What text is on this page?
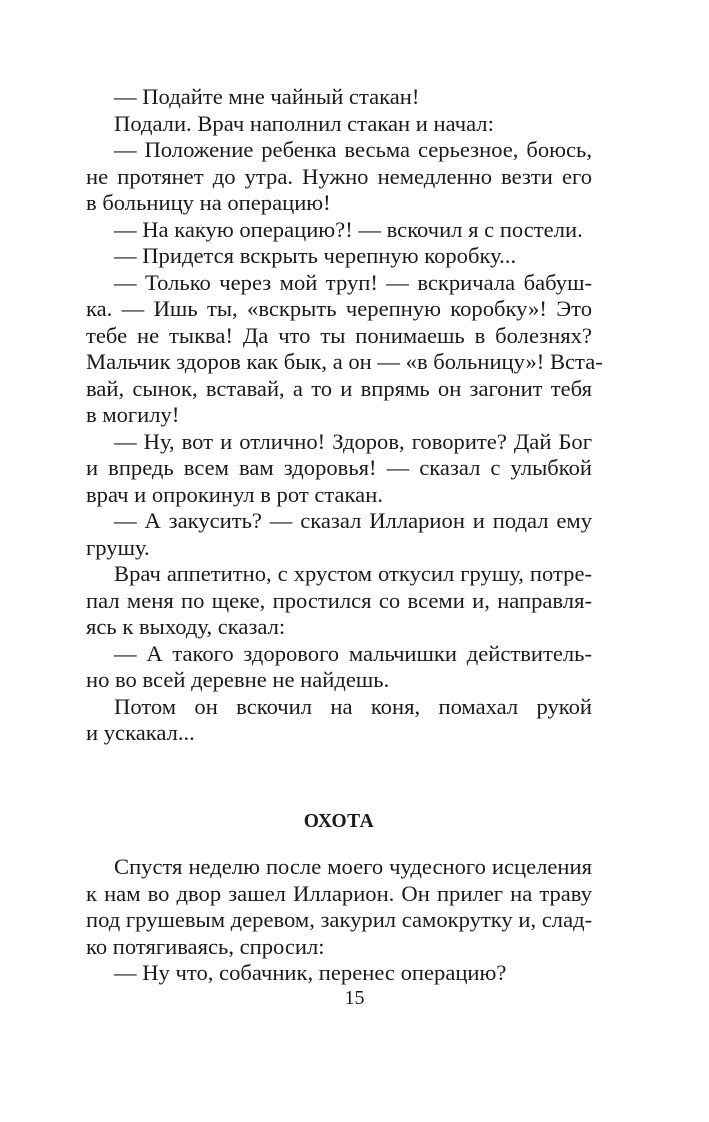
— Подайте мне чайный стакан!
Подали. Врач наполнил стакан и начал:
— Положение ребенка весьма серьезное, боюсь,
не протянет до утра. Нужно немедленно везти его
в больницу на операцию!
— На какую операцию?! — вскочил я с постели.
— Придется вскрыть черепную коробку...
— Только через мой труп! — вскричала бабуш-
ка. — Ишь ты, «вскрыть черепную коробку»! Это
тебе не тыква! Да что ты понимаешь в болезнях?
Мальчик здоров как бык, а он — «в больницу»! Вста-
вай, сынок, вставай, а то и впрямь он загонит тебя
в могилу!
— Ну, вот и отлично! Здоров, говорите? Дай Бог
и впредь всем вам здоровья! — сказал с улыбкой
врач и опрокинул в рот стакан.
— А закусить? — сказал Илларион и подал ему
грушу.
Врач аппетитно, с хрустом откусил грушу, потре-
пал меня по щеке, простился со всеми и, направля-
ясь к выходу, сказал:
— А такого здорового мальчишки действитель-
но во всей деревне не найдешь.
Потом он вскочил на коня, помахал рукой
и ускакал...
ОХОТА
Спустя неделю после моего чудесного исцеления
к нам во двор зашел Илларион. Он прилег на траву
под грушевым деревом, закурил самокрутку и, слад-
ко потягиваясь, спросил:
— Ну что, собачник, перенес операцию?
15
